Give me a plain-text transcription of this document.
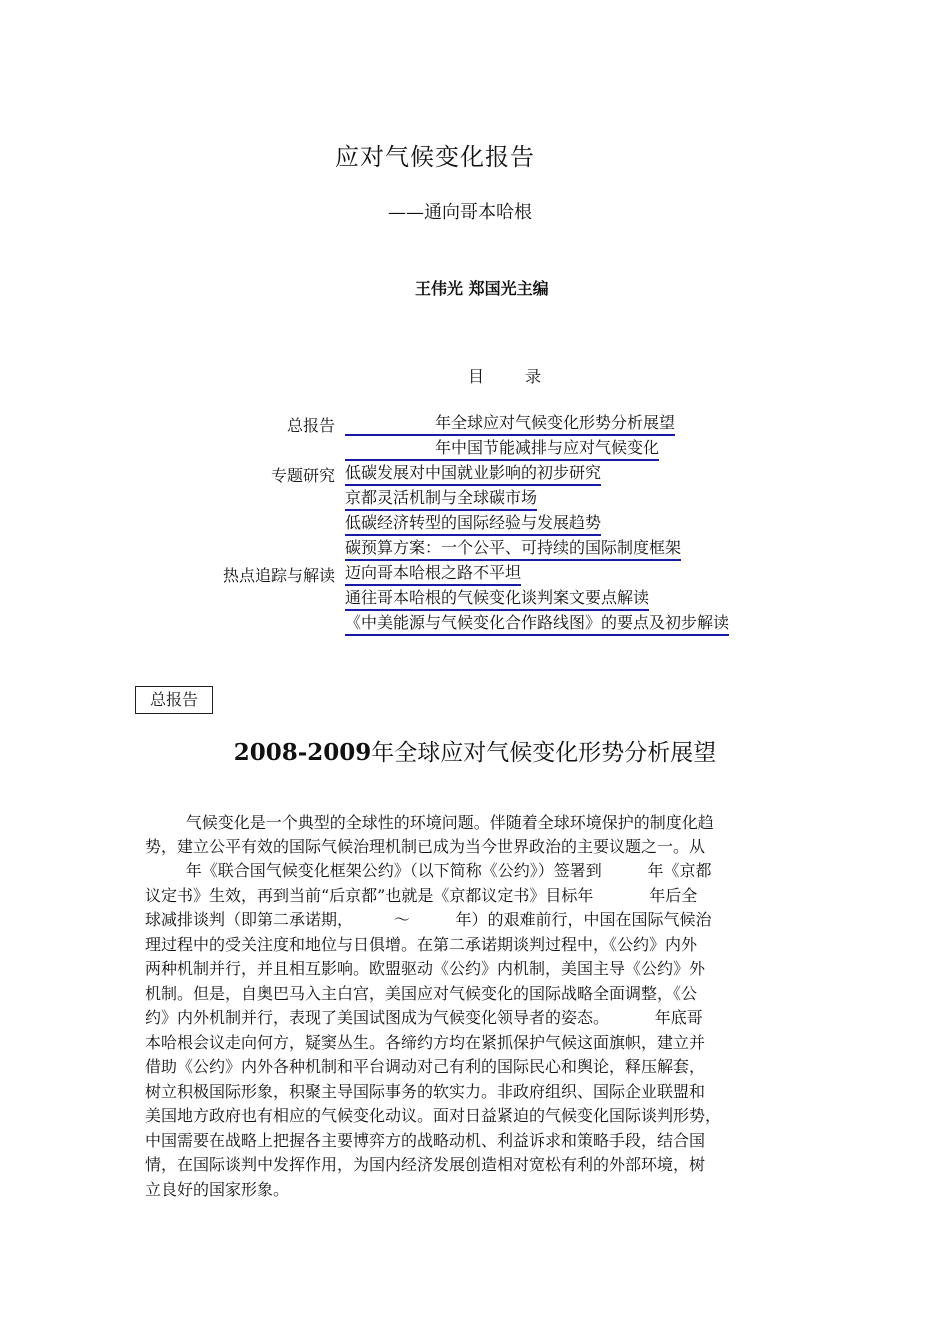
应对气候变化报告
——通向哥本哈根
王伟光 郑国光主编
目 录
总报告	年全球应对气候变化形势分析展望
年中国节能减排与应对气候变化
专题研究 低碳发展对中国就业影响的初步研究
京都灵活机制与全球碳市场
低碳经济转型的国际经验与发展趋势
碳预算方案：一个公平、可持续的国际制度框架
热点追踪与解读 迈向哥本哈根之路不平坦
通往哥本哈根的气候变化谈判案文要点解读
《中美能源与气候变化合作路线图》的要点及初步解读
总报告
2008-2009年全球应对气候变化形势分析展望
气候变化是一个典型的全球性的环境问题。伴随着全球环境保护的制度化趋
势，建立公平有效的国际气候治理机制已成为当今世界政治的主要议题之一。从
年《联合国气候变化框架公约》（以下简称《公约》）签署到         年《京都
议定书》生效，再到当前“后京都”也就是《京都议定书》目标年           年后全
球减排谈判（即第二承诺期，        ～         年）的艰难前行，中国在国际气候治
理过程中的受关注度和地位与日俱增。在第二承诺期谈判过程中，《公约》内外
两种机制并行，并且相互影响。欧盟驱动《公约》内机制，美国主导《公约》外
机制。但是，自奥巴马入主白宫，美国应对气候变化的国际战略全面调整，《公
约》内外机制并行，表现了美国试图成为气候变化领导者的姿态。         年底哥
本哈根会议走向何方，疑窦丛生。各缔约方均在紧抓保护气候这面旗帜，建立并
借助《公约》内外各种机制和平台调动对己有利的国际民心和舆论，释压解套，
树立积极国际形象，积聚主导国际事务的软实力。非政府组织、国际企业联盟和
美国地方政府也有相应的气候变化动议。面对日益紧迫的气候变化国际谈判形势，
中国需要在战略上把握各主要博弈方的战略动机、利益诉求和策略手段，结合国
情，在国际谈判中发挥作用，为国内经济发展创造相对宽松有利的外部环境，树
立良好的国家形象。
